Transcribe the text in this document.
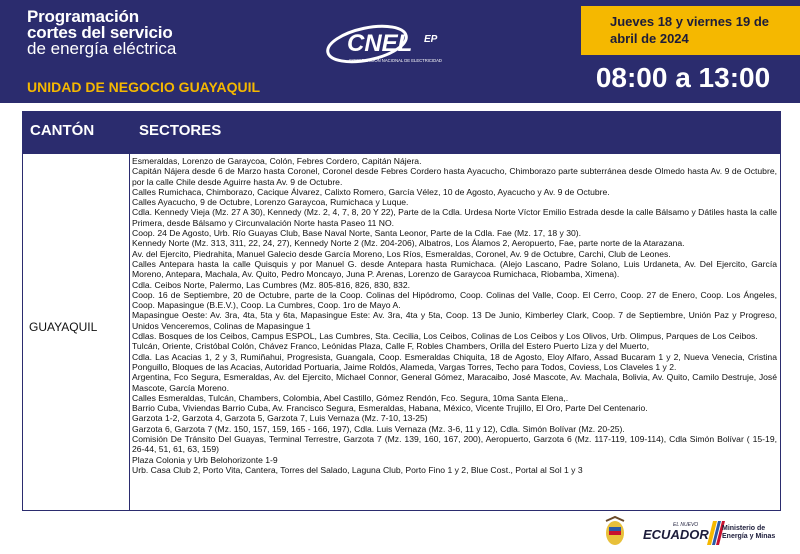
Programación
cortes del servicio
de energía eléctrica
UNIDAD DE NEGOCIO GUAYAQUIL
CNEL EP
CORPORACIÓN NACIONAL DE ELECTRICIDAD
Jueves 18 y viernes 19 de
abril de 2024
08:00 a 13:00
CANTÓN	SECTORES
GUAYAQUIL
Esmeraldas, Lorenzo de Garaycoa, Colón, Febres Cordero, Capitán Nájera.
Capitán Nájera desde 6 de Marzo hasta Coronel, Coronel desde Febres Cordero hasta Ayacucho, Chimborazo parte subterránea desde Olmedo hasta Av. 9 de Octubre, por la calle Chile desde Aguirre hasta Av. 9 de Octubre.
Calles Rumichaca, Chimborazo, Cacique Álvarez, Calixto Romero, García Vélez, 10 de Agosto, Ayacucho y Av. 9 de Octubre.
Calles Ayacucho, 9 de Octubre, Lorenzo Garaycoa, Rumichaca y Luque.
Cdla. Kennedy Vieja (Mz. 27 A 30), Kennedy (Mz. 2, 4, 7, 8, 20 Y 22), Parte de la Cdla. Urdesa Norte Víctor Emilio Estrada desde la calle Bálsamo y Dátiles hasta la calle Primera, desde Bálsamo y Circunvalación Norte hasta Paseo 11 NO.
Coop. 24 De Agosto, Urb. Río Guayas Club, Base Naval Norte, Santa Leonor, Parte de la Cdla. Fae (Mz. 17, 18 y 30).
Kennedy Norte (Mz. 313, 311, 22, 24, 27), Kennedy Norte 2 (Mz. 204-206), Albatros, Los Álamos 2, Aeropuerto, Fae, parte norte de la Atarazana.
Av. del Ejercito, Piedrahita, Manuel Galecio desde García Moreno, Los Ríos, Esmeraldas, Coronel, Av. 9 de Octubre, Carchi, Club de Leones.
Calles Antepara hasta la calle Quisquis y por Manuel G. desde Antepara hasta Rumichaca. (Alejo Lascano, Padre Solano, Luis Urdaneta, Av. Del Ejercito, García Moreno, Antepara, Machala, Av. Quito, Pedro Moncayo, Juna P. Arenas, Lorenzo de Garaycoa Rumichaca, Riobamba, Ximena).
Cdla. Ceibos Norte, Palermo, Las Cumbres (Mz. 805-816, 826, 830, 832.
Coop. 16 de Septiembre, 20 de Octubre, parte de la Coop. Colinas del Hipódromo, Coop. Colinas del Valle, Coop. El Cerro, Coop. 27 de Enero, Coop. Los Ángeles, Coop. Mapasingue (B.E.V.), Coop. La Cumbres, Coop. 1ro de Mayo A.
Mapasingue Oeste: Av. 3ra, 4ta, 5ta y 6ta, Mapasingue Este: Av. 3ra, 4ta y 5ta, Coop. 13 De Junio, Kimberley Clark, Coop. 7 de Septiembre, Unión Paz y Progreso, Unidos Venceremos, Colinas de Mapasingue 1
Cdlas. Bosques de los Ceibos, Campus ESPOL, Las Cumbres, Sta. Cecilia, Los Ceibos, Colinas de Los Ceibos y Los Olivos, Urb. Olimpus, Parques de Los Ceibos.
Tulcán, Oriente, Cristóbal Colón, Chávez Franco, Leónidas Plaza, Calle F, Robles Chambers, Orilla del Estero Puerto Liza y del Muerto,
Cdla. Las Acacias 1, 2 y 3, Rumiñahui, Progresista, Guangala, Coop. Esmeraldas Chiquita, 18 de Agosto, Eloy Alfaro, Assad Bucaram 1 y 2, Nueva Venecia, Cristina Ponguillo, Bloques de las Acacias, Autoridad Portuaria, Jaime Roldós, Alameda, Vargas Torres, Techo para Todos, Coviess, Los Claveles 1 y 2.
Argentina, Fco Segura, Esmeraldas, Av. del Ejercito, Michael Connor, General Gómez, Maracaibo, José Mascote, Av. Machala, Bolivia, Av. Quito, Camilo Destruje, José Mascote, García Moreno.
Calles Esmeraldas, Tulcán, Chambers, Colombia, Abel Castillo, Gómez Rendón, Fco. Segura, 10ma Santa Elena,.
Barrio Cuba, Viviendas Barrio Cuba, Av. Francisco Segura, Esmeraldas, Habana, México, Vicente Trujillo, El Oro, Parte Del Centenario.
Garzota 1-2, Garzota 4, Garzota 5, Garzota 7, Luis Vernaza (Mz. 7-10, 13-25)
Garzota 6, Garzota 7 (Mz. 150, 157, 159, 165 - 166, 197), Cdla. Luis Vernaza (Mz. 3-6, 11 y 12), Cdla. Simón Bolívar (Mz. 20-25).
Comisión De Tránsito Del Guayas, Terminal Terrestre, Garzota 7 (Mz. 139, 160, 167, 200), Aeropuerto, Garzota 6 (Mz. 117-119, 109-114), Cdla Simón Bolívar ( 15-19, 26-44, 51, 61, 63, 159)
Plaza Colonia y Urb Belohorizonte 1-9
Urb. Casa Club 2, Porto Vita, Cantera, Torres del Salado, Laguna Club, Porto Fino 1 y 2, Blue Cost., Portal al Sol 1 y 3
EL NUEVO
ECUADOR Ministerio de
Energía y Minas
